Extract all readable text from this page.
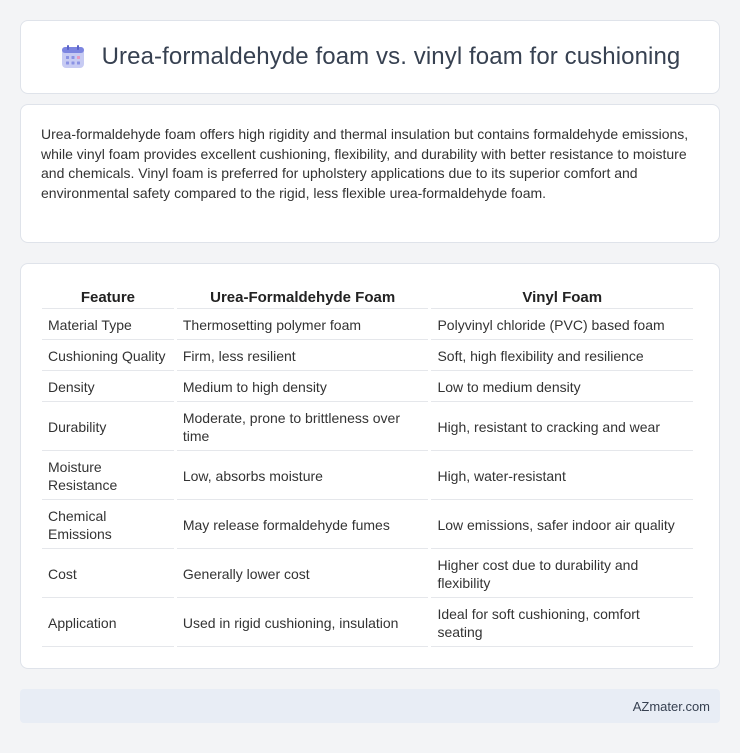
Urea-formaldehyde foam vs. vinyl foam for cushioning

Urea-formaldehyde foam offers high rigidity and thermal insulation but contains formaldehyde emissions, while vinyl foam provides excellent cushioning, flexibility, and durability with better resistance to moisture and chemicals. Vinyl foam is preferred for upholstery applications due to its superior comfort and environmental safety compared to the rigid, less flexible urea-formaldehyde foam.

Feature	Urea-Formaldehyde Foam	Vinyl Foam
Material Type	Thermosetting polymer foam	Polyvinyl chloride (PVC) based foam
Cushioning Quality	Firm, less resilient	Soft, high flexibility and resilience
Density	Medium to high density	Low to medium density
Durability	Moderate, prone to brittleness over time	High, resistant to cracking and wear
Moisture Resistance	Low, absorbs moisture	High, water-resistant
Chemical Emissions	May release formaldehyde fumes	Low emissions, safer indoor air quality
Cost	Generally lower cost	Higher cost due to durability and flexibility
Application	Used in rigid cushioning, insulation	Ideal for soft cushioning, comfort seating
AZmater.com
